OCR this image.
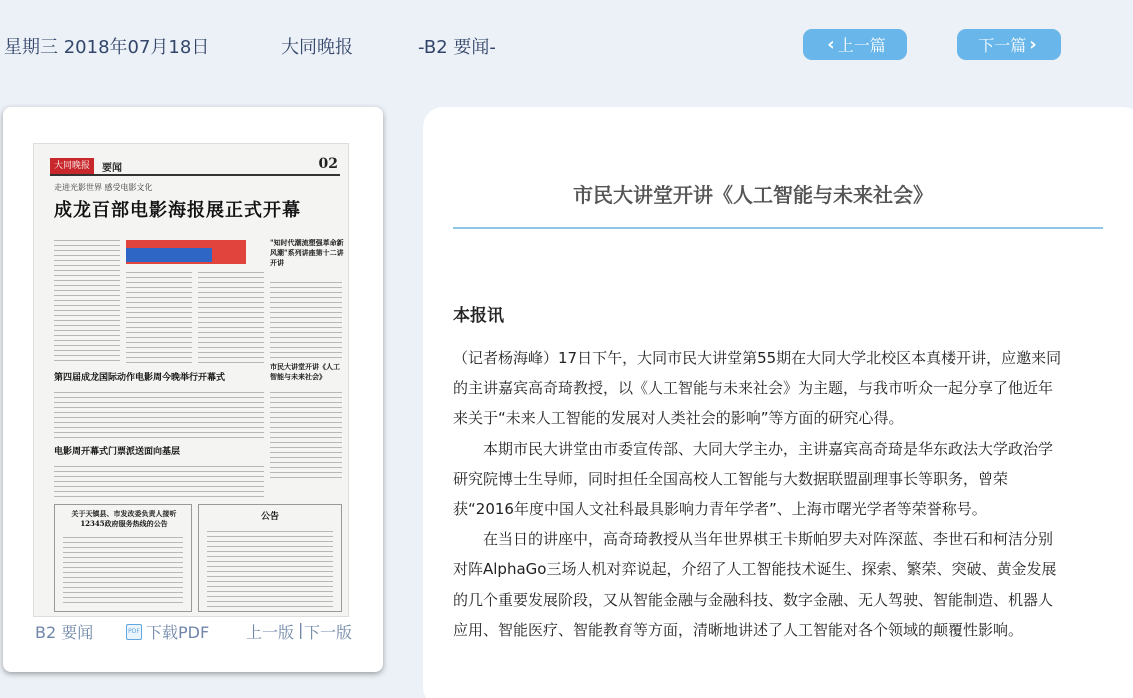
星期三 2018年07月18日	大同晚报	-B2 要闻-	‹ 上一篇	下一篇 ›
大同晚报	要闻	02
走进光影世界 感受电影文化
成龙百部电影海报展正式开幕
"知时代潮流塑强革命新风潮"系列讲座第十二讲开讲
市民大讲堂开讲《人工智能与未来社会》
第四届成龙国际动作电影周今晚举行开幕式
电影周开幕式门票派送面向基层
关于天镇县、市发改委负责人接听12345政府服务热线的公告
公告
B2 要闻	PDF 下载PDF 上一版 | 下一版
市民大讲堂开讲《人工智能与未来社会》
本报讯

（记者杨海峰）17日下午，大同市民大讲堂第55期在大同大学北校区本真楼开讲，应邀来同

的主讲嘉宾高奇琦教授，以《人工智能与未来社会》为主题，与我市听众一起分享了他近年

来关于“未来人工智能的发展对人类社会的影响”等方面的研究心得。

本期市民大讲堂由市委宣传部、大同大学主办，主讲嘉宾高奇琦是华东政法大学政治学

研究院博士生导师，同时担任全国高校人工智能与大数据联盟副理事长等职务，曾荣

获“2016年度中国人文社科最具影响力青年学者”、上海市曙光学者等荣誉称号。

在当日的讲座中，高奇琦教授从当年世界棋王卡斯帕罗夫对阵深蓝、李世石和柯洁分别

对阵AlphaGo三场人机对弈说起，介绍了人工智能技术诞生、探索、繁荣、突破、黄金发展

的几个重要发展阶段，又从智能金融与金融科技、数字金融、无人驾驶、智能制造、机器人

应用、智能医疗、智能教育等方面，清晰地讲述了人工智能对各个领域的颠覆性影响。
